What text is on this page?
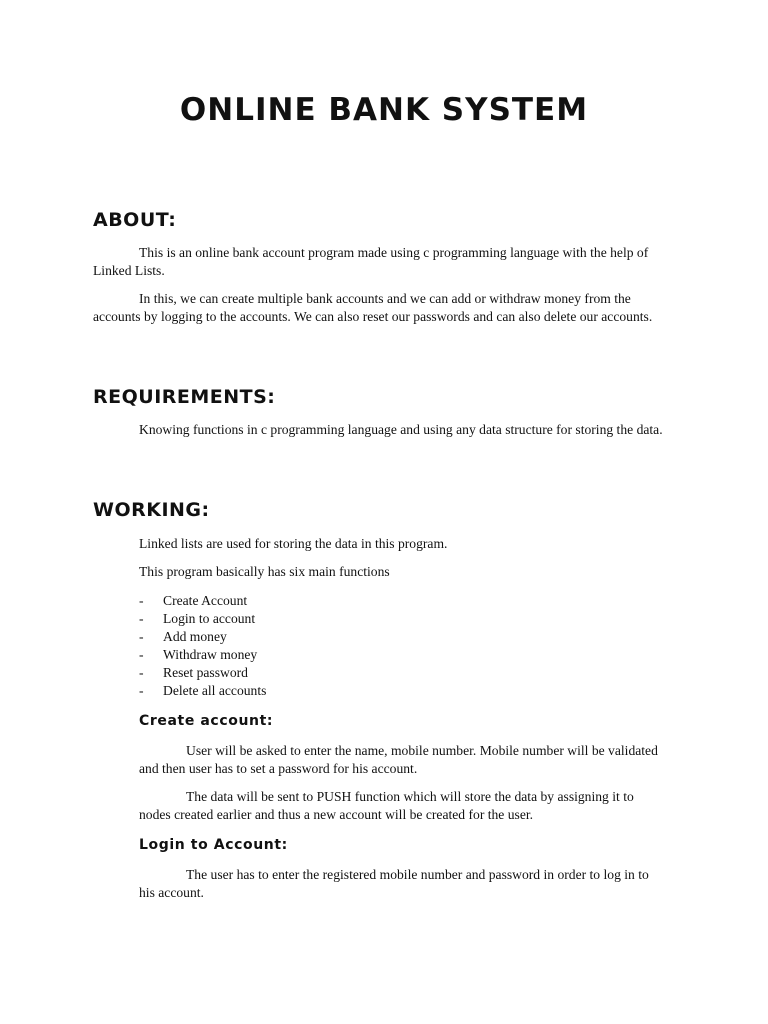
ONLINE BANK SYSTEM
ABOUT:

This is an online bank account program made using c programming language with the help of Linked Lists.

In this, we can create multiple bank accounts and we can add or withdraw money from the accounts by logging to the accounts. We can also reset our passwords and can also delete our accounts.

REQUIREMENTS:

Knowing functions in c programming language and using any data structure for storing the data.

WORKING:

Linked lists are used for storing the data in this program.

This program basically has six main functions

- Create Account
- Login to account
- Add money
- Withdraw money
- Reset password
- Delete all accounts
Create account:

User will be asked to enter the name, mobile number. Mobile number will be validated and then user has to set a password for his account.

The data will be sent to PUSH function which will store the data by assigning it to nodes created earlier and thus a new account will be created for the user.

Login to Account:

The user has to enter the registered mobile number and password in order to log in to his account.
